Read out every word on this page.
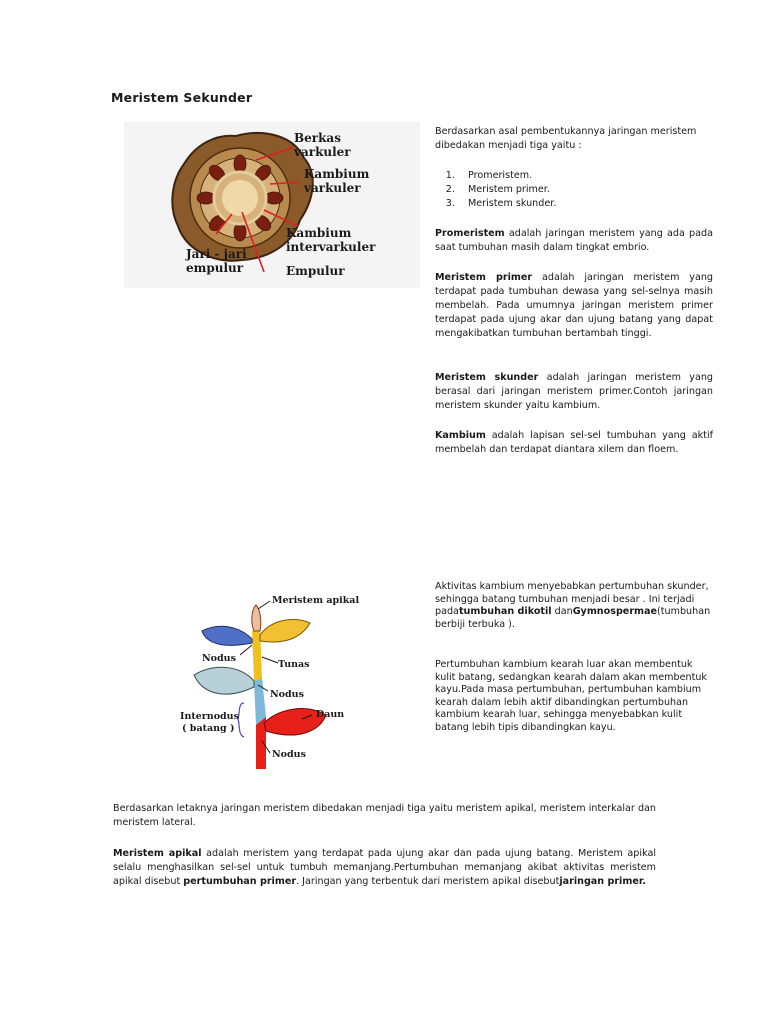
Meristem Sekunder
Berkas
varkuler
Kambium
varkuler
Kambium
intervarkuler
Jari - jari
empulur	Empulur
Berdasarkan asal pembentukannya jaringan meristem dibedakan menjadi tiga yaitu :
1. Promeristem.
2. Meristem primer.
3. Meristem skunder.
Promeristem adalah jaringan meristem yang ada pada saat tumbuhan masih dalam tingkat embrio.
Meristem primer adalah jaringan meristem yang terdapat pada tumbuhan dewasa yang sel-selnya masih membelah. Pada umumnya jaringan meristem primer terdapat pada ujung akar dan ujung batang yang dapat mengakibatkan tumbuhan bertambah tinggi.
Meristem skunder adalah jaringan meristem yang berasal dari jaringan meristem primer.Contoh jaringan meristem skunder yaitu kambium.
Kambium adalah lapisan sel-sel tumbuhan yang aktif membelah dan terdapat diantara xilem dan floem.
Meristem apikal
Nodus
Tunas
Nodus
Internodus
( batang )
Daun
Nodus
Aktivitas kambium menyebabkan pertumbuhan skunder, sehingga batang tumbuhan menjadi besar . Ini terjadi padatumbuhan dikotil danGymnospermae(tumbuhan berbiji terbuka ).
Pertumbuhan kambium kearah luar akan membentuk kulit batang, sedangkan kearah dalam akan membentuk kayu.Pada masa pertumbuhan, pertumbuhan kambium kearah dalam lebih aktif dibandingkan pertumbuhan kambium kearah luar, sehingga menyebabkan kulit batang lebih tipis dibandingkan kayu.
Berdasarkan letaknya jaringan meristem dibedakan menjadi tiga yaitu meristem apikal, meristem interkalar dan meristem lateral.
Meristem apikal adalah meristem yang terdapat pada ujung akar dan pada ujung batang. Meristem apikal selalu menghasilkan sel-sel untuk tumbuh memanjang.Pertumbuhan memanjang akibat aktivitas meristem apikal disebut pertumbuhan primer. Jaringan yang terbentuk dari meristem apikal disebutjaringan primer.
